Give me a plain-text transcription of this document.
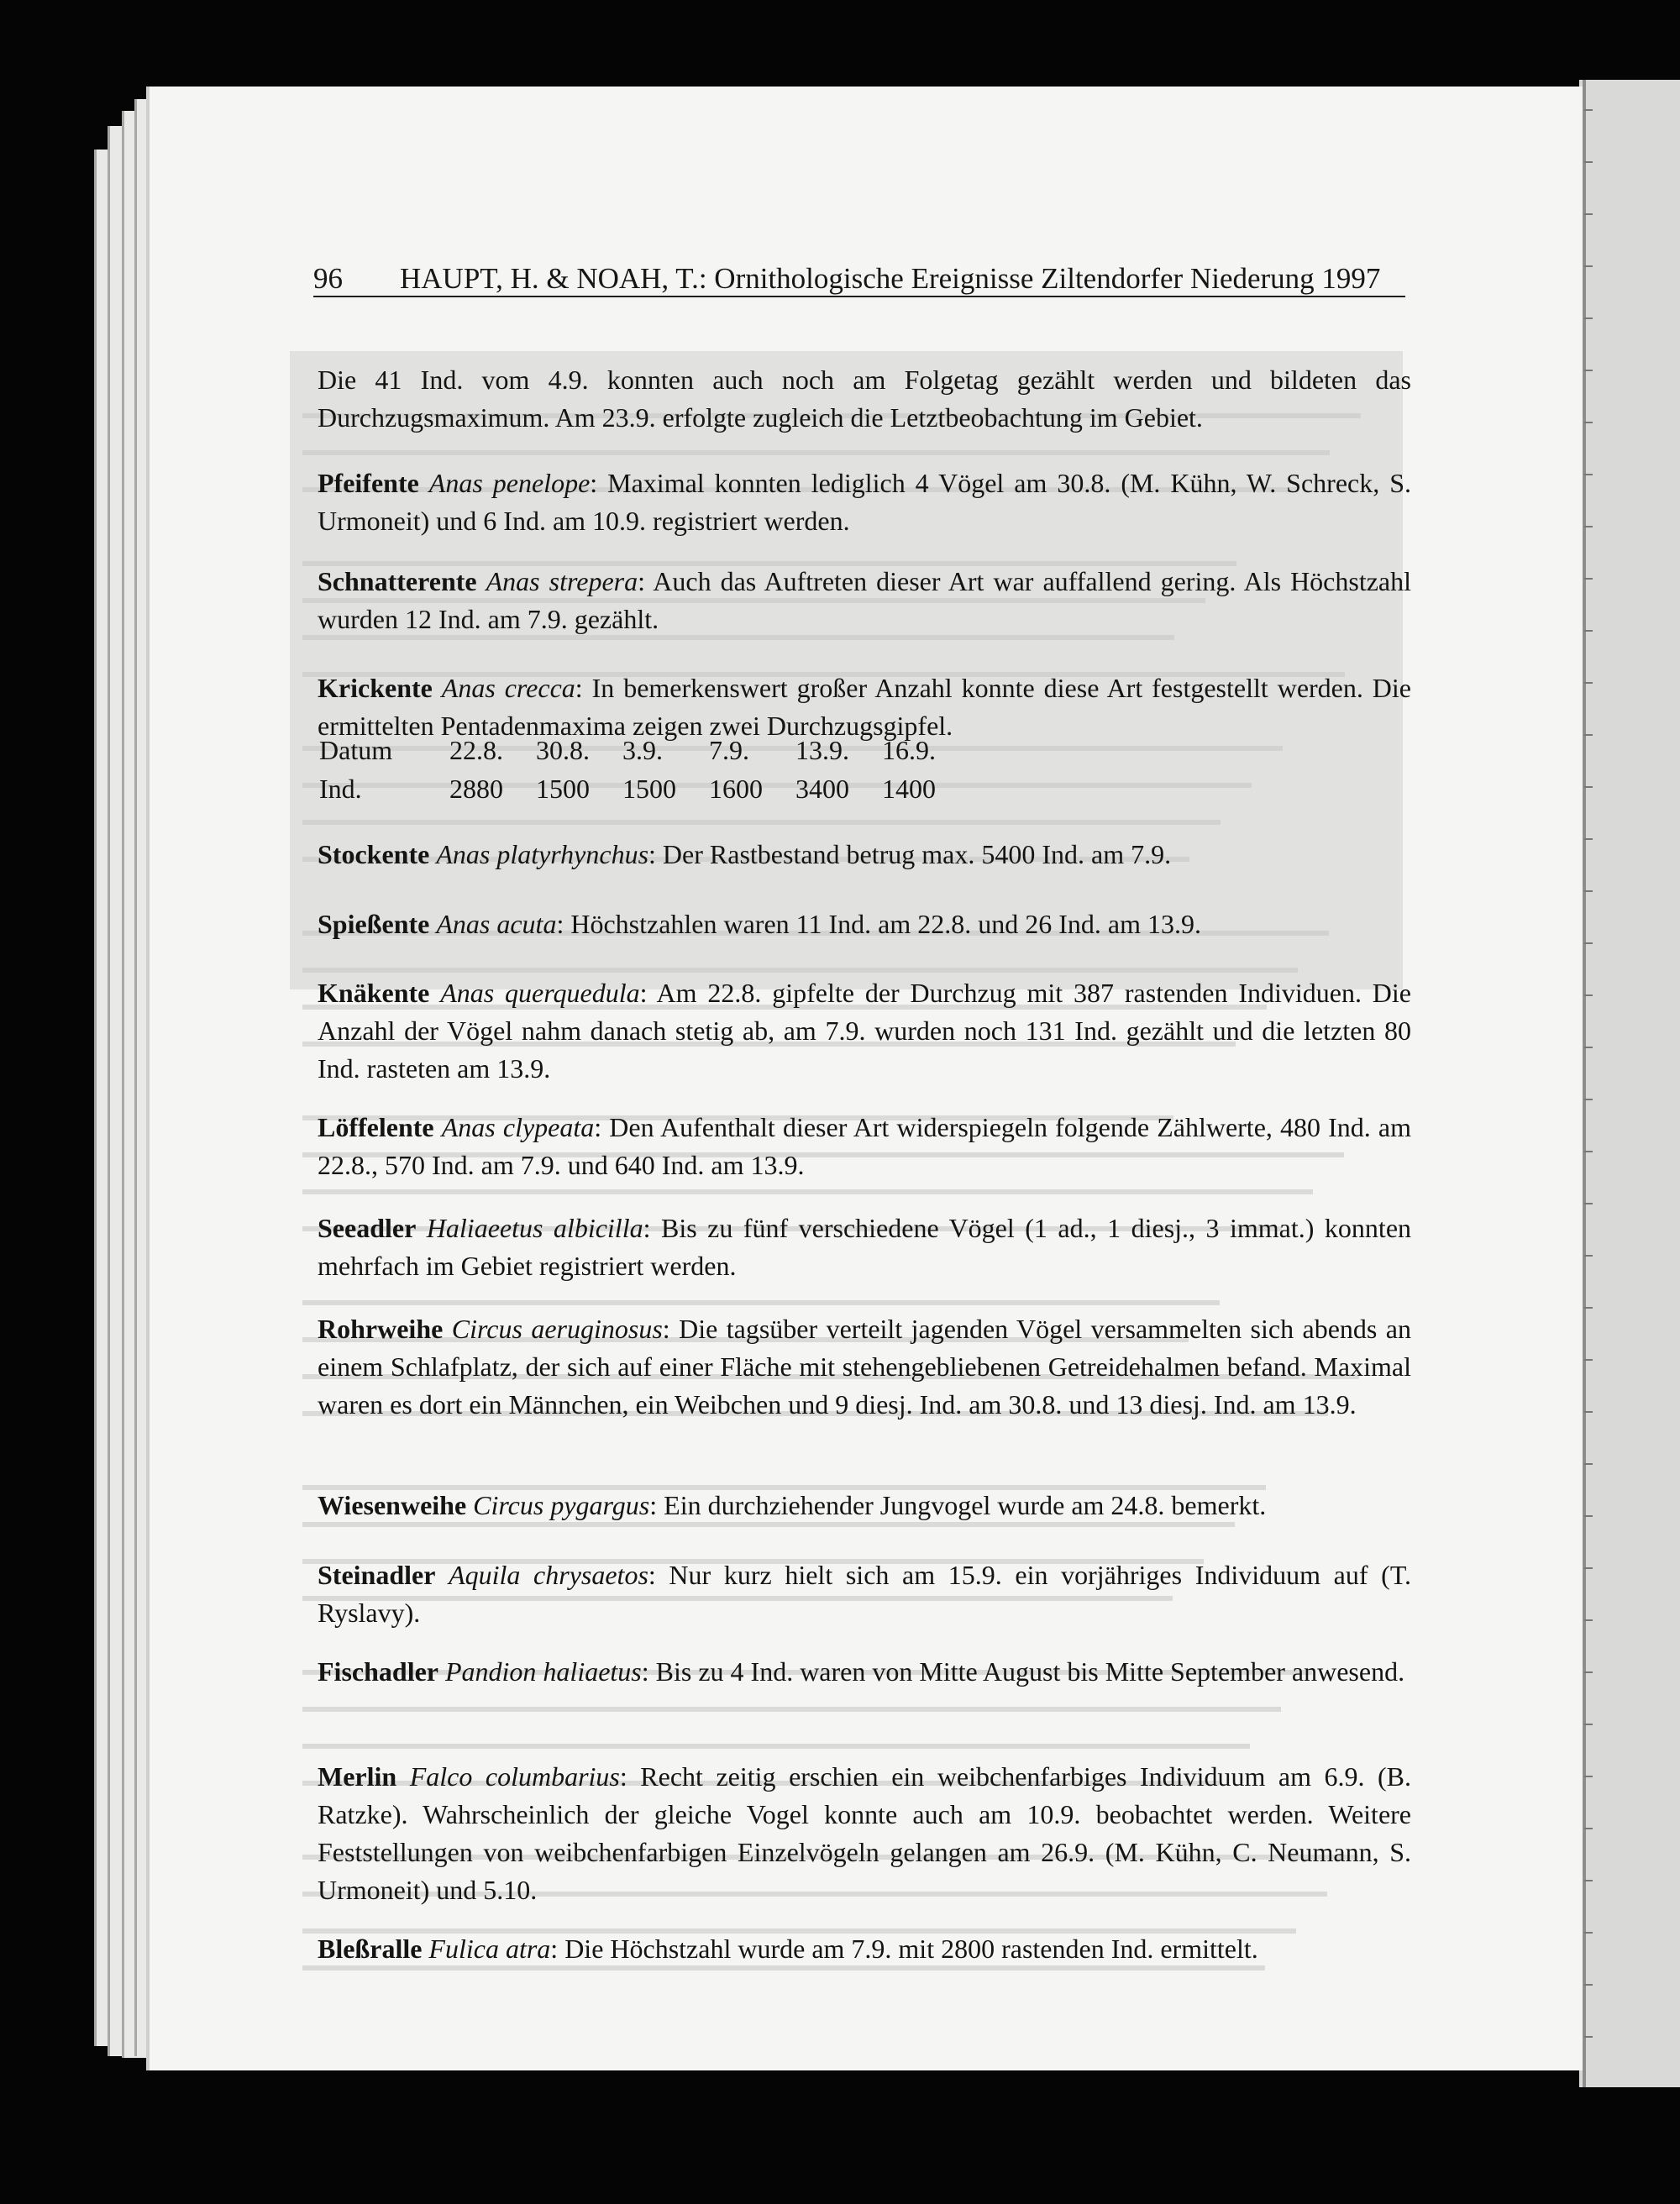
96 HAUPT, H. & NOAH, T.: Ornithologische Ereignisse Ziltendorfer Niederung 1997
Die 41 Ind. vom 4.9. konnten auch noch am Folgetag gezählt werden und bildeten das Durchzugsmaximum. Am 23.9. erfolgte zugleich die Letztbeobachtung im Gebiet.
Pfeifente Anas penelope: Maximal konnten lediglich 4 Vögel am 30.8. (M. Kühn, W. Schreck, S. Urmoneit) und 6 Ind. am 10.9. registriert werden.
Schnatterente Anas strepera: Auch das Auftreten dieser Art war auffallend gering. Als Höchstzahl wurden 12 Ind. am 7.9. gezählt.
Krickente Anas crecca: In bemerkenswert großer Anzahl konnte diese Art festgestellt werden. Die ermittelten Pentadenmaxima zeigen zwei Durchzugsgipfel.
Datum	22.8.	30.8.	3.9.	7.9.	13.9.	16.9.
Ind.	2880	1500	1500	1600	3400	1400
Stockente Anas platyrhynchus: Der Rastbestand betrug max. 5400 Ind. am 7.9.
Spießente Anas acuta: Höchstzahlen waren 11 Ind. am 22.8. und 26 Ind. am 13.9.
Knäkente Anas querquedula: Am 22.8. gipfelte der Durchzug mit 387 rastenden Individuen. Die Anzahl der Vögel nahm danach stetig ab, am 7.9. wurden noch 131 Ind. gezählt und die letzten 80 Ind. rasteten am 13.9.
Löffelente Anas clypeata: Den Aufenthalt dieser Art widerspiegeln folgende Zählwerte, 480 Ind. am 22.8., 570 Ind. am 7.9. und 640 Ind. am 13.9.
Seeadler Haliaeetus albicilla: Bis zu fünf verschiedene Vögel (1 ad., 1 diesj., 3 immat.) konnten mehrfach im Gebiet registriert werden.
Rohrweihe Circus aeruginosus: Die tagsüber verteilt jagenden Vögel versammelten sich abends an einem Schlafplatz, der sich auf einer Fläche mit stehengebliebenen Getreidehalmen befand. Maximal waren es dort ein Männchen, ein Weibchen und 9 diesj. Ind. am 30.8. und 13 diesj. Ind. am 13.9.
Wiesenweihe Circus pygargus: Ein durchziehender Jungvogel wurde am 24.8. bemerkt.
Steinadler Aquila chrysaetos: Nur kurz hielt sich am 15.9. ein vorjähriges Individuum auf (T. Ryslavy).
Fischadler Pandion haliaetus: Bis zu 4 Ind. waren von Mitte August bis Mitte September anwesend.
Merlin Falco columbarius: Recht zeitig erschien ein weibchenfarbiges Individuum am 6.9. (B. Ratzke). Wahrscheinlich der gleiche Vogel konnte auch am 10.9. beobachtet werden. Weitere Feststellungen von weibchenfarbigen Einzelvögeln gelangen am 26.9. (M. Kühn, C. Neumann, S. Urmoneit) und 5.10.
Bleßralle Fulica atra: Die Höchstzahl wurde am 7.9. mit 2800 rastenden Ind. ermittelt.
